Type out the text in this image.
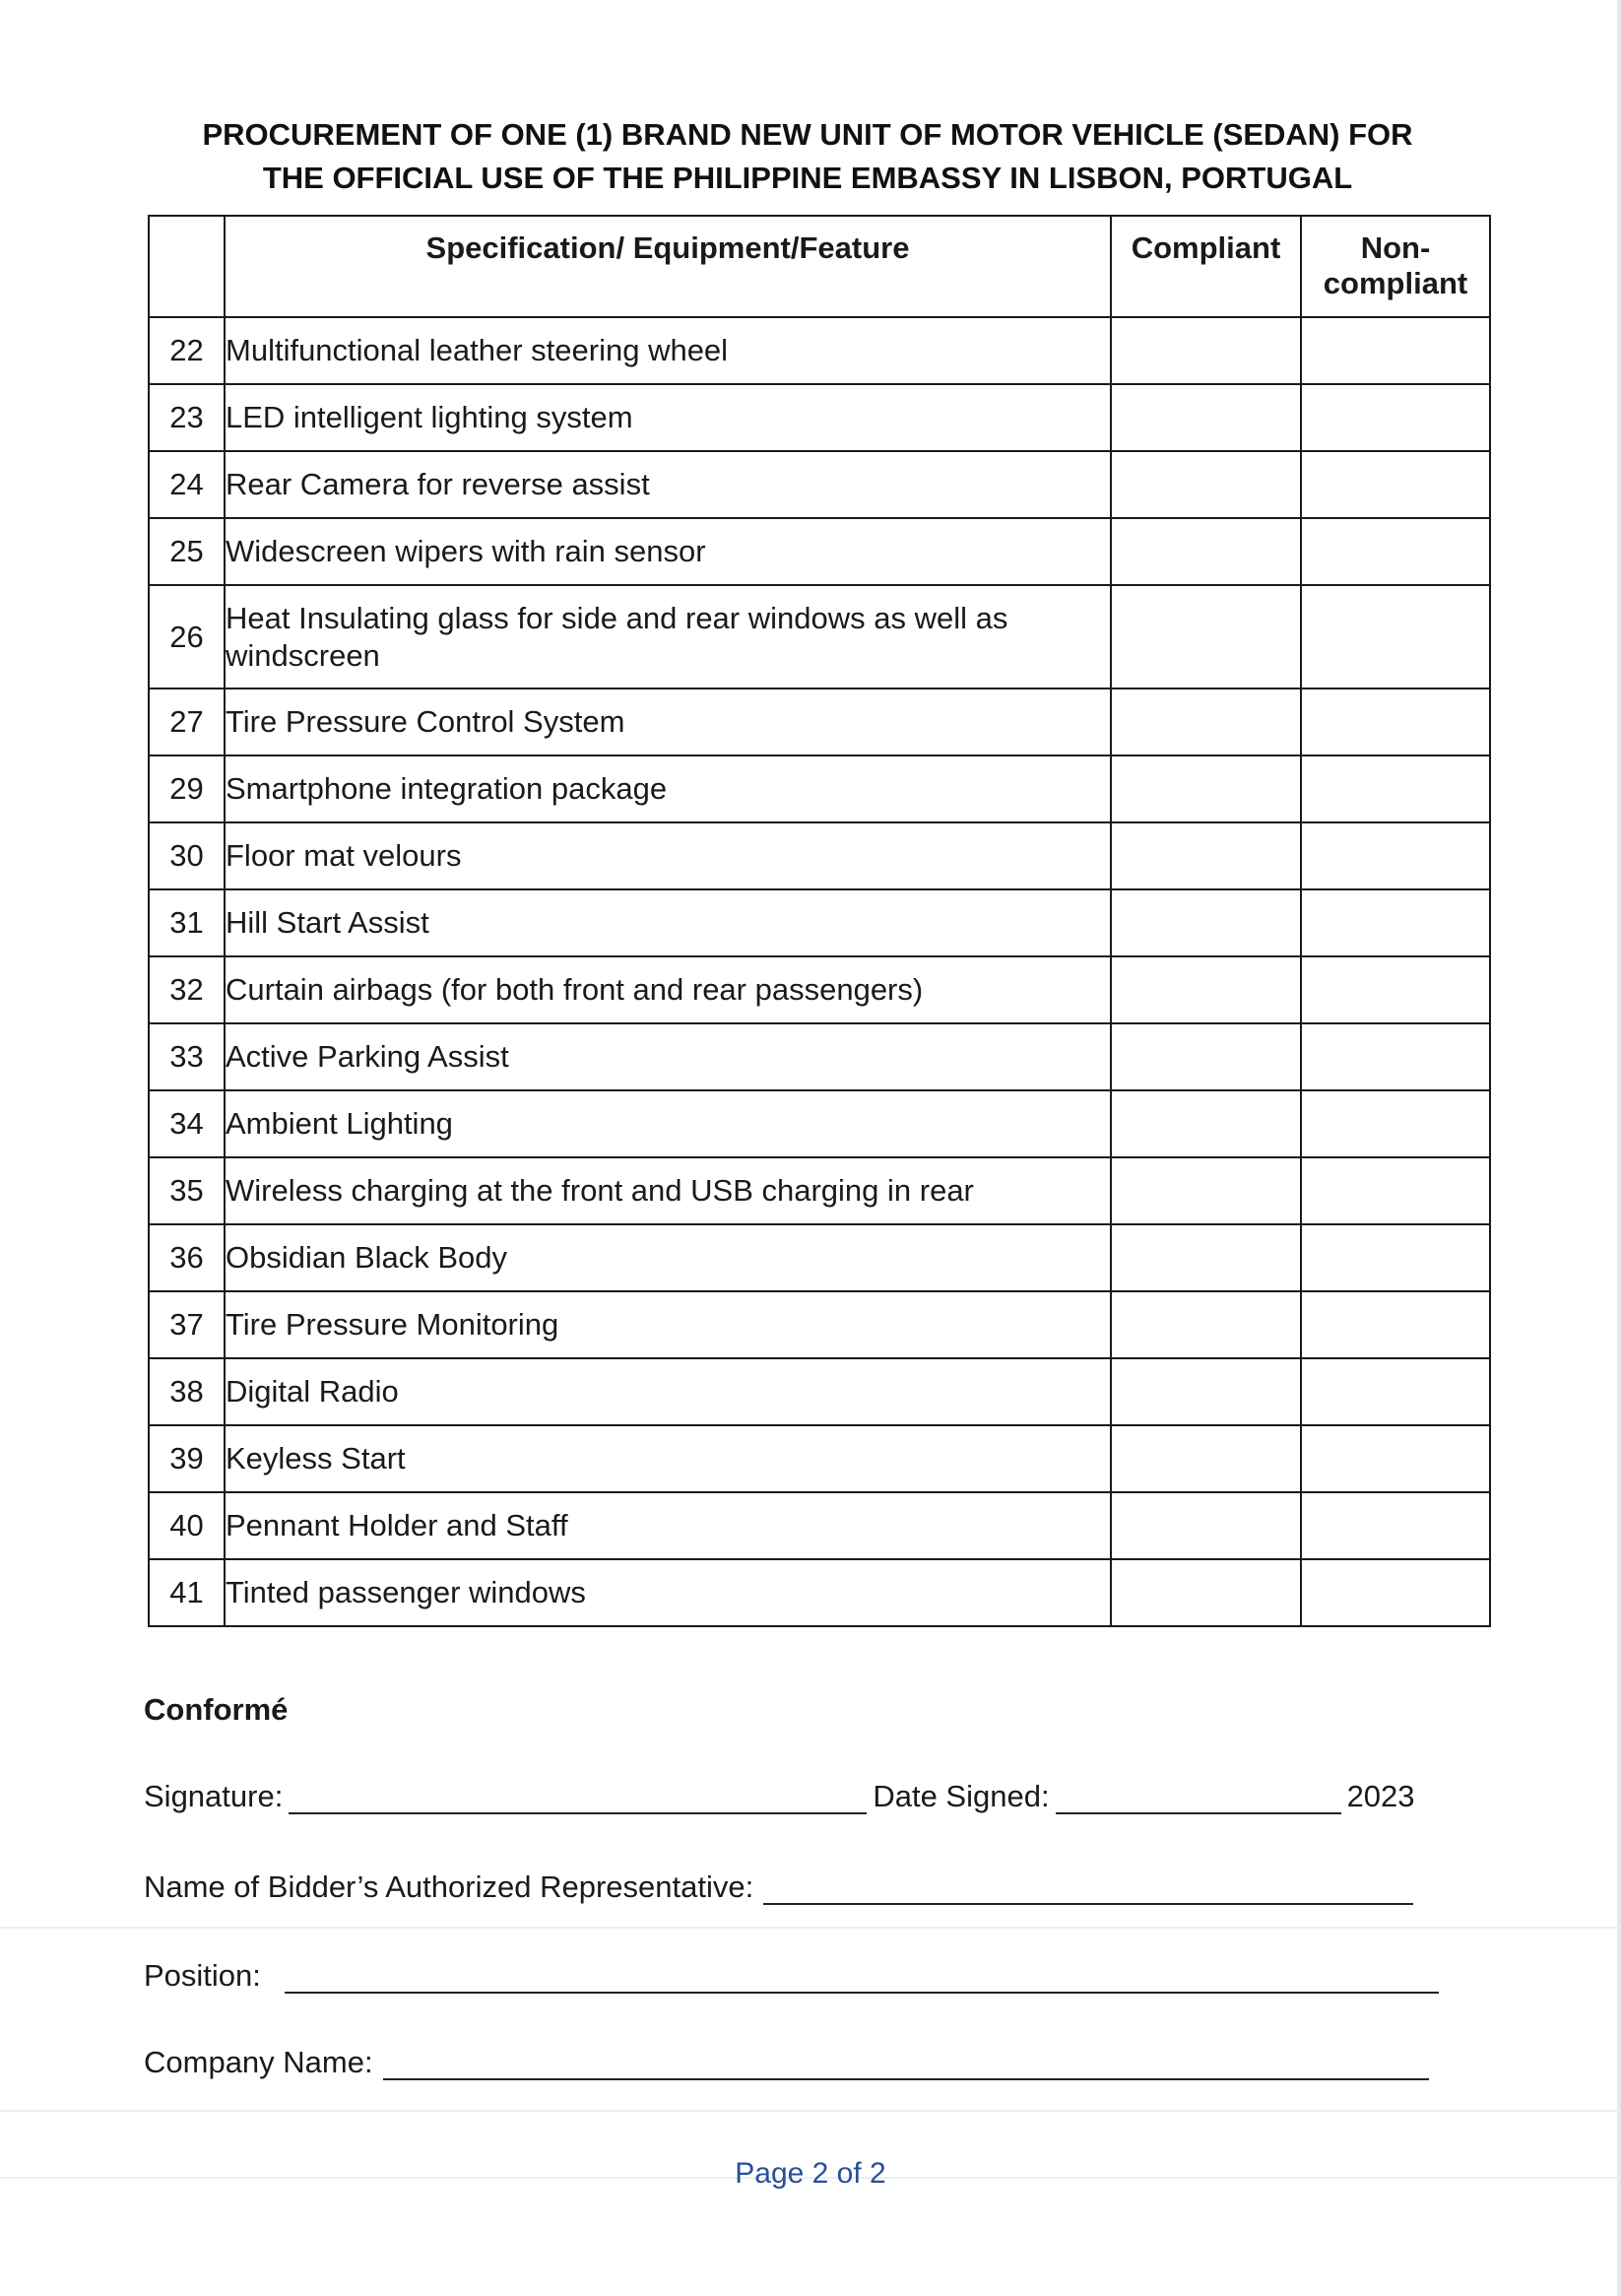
PROCUREMENT OF ONE (1) BRAND NEW UNIT OF MOTOR VEHICLE (SEDAN) FOR
THE OFFICIAL USE OF THE PHILIPPINE EMBASSY IN LISBON, PORTUGAL
	Specification/ Equipment/Feature	Compliant	Non-compliant
22	Multifunctional leather steering wheel		
23	LED intelligent lighting system		
24	Rear Camera for reverse assist		
25	Widescreen wipers with rain sensor		
26	Heat Insulating glass for side and rear windows as well as windscreen		
27	Tire Pressure Control System		
29	Smartphone integration package		
30	Floor mat velours		
31	Hill Start Assist		
32	Curtain airbags (for both front and rear passengers)		
33	Active Parking Assist		
34	Ambient Lighting		
35	Wireless charging at the front and USB charging in rear		
36	Obsidian Black Body		
37	Tire Pressure Monitoring		
38	Digital Radio		
39	Keyless Start		
40	Pennant Holder and Staff		
41	Tinted passenger windows		
Conformé
Signature:	Date Signed:	2023
Name of Bidder’s Authorized Representative:
Position:
Company Name:
Page 2 of 2
